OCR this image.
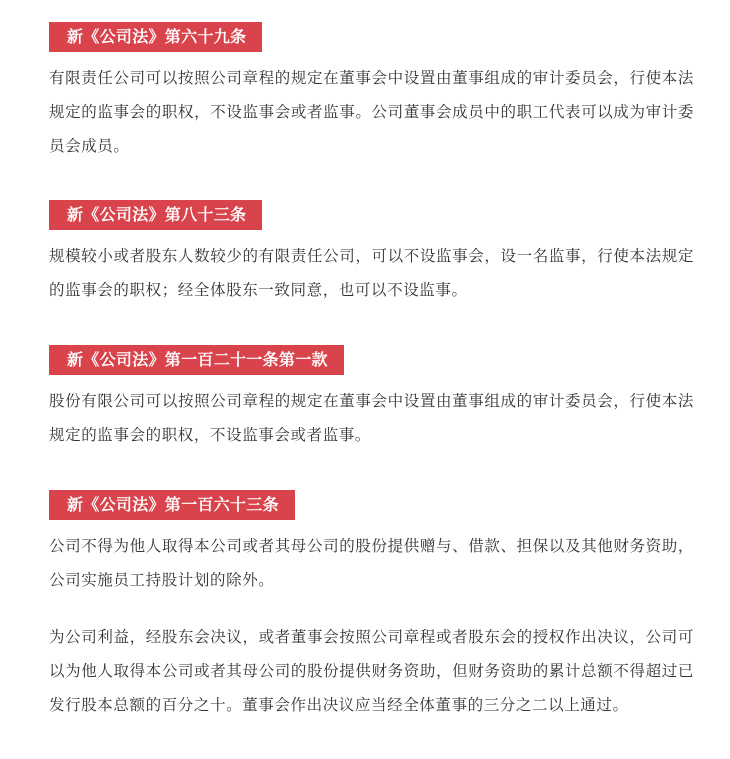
新《公司法》第六十九条
有限责任公司可以按照公司章程的规定在董事会中设置由董事组成的审计委员会，行使本法规定的监事会的职权，不设监事会或者监事。公司董事会成员中的职工代表可以成为审计委员会成员。
新《公司法》第八十三条
规模较小或者股东人数较少的有限责任公司，可以不设监事会，设一名监事，行使本法规定的监事会的职权；经全体股东一致同意，也可以不设监事。
新《公司法》第一百二十一条第一款
股份有限公司可以按照公司章程的规定在董事会中设置由董事组成的审计委员会，行使本法规定的监事会的职权，不设监事会或者监事。
新《公司法》第一百六十三条
公司不得为他人取得本公司或者其母公司的股份提供赠与、借款、担保以及其他财务资助，公司实施员工持股计划的除外。
为公司利益，经股东会决议，或者董事会按照公司章程或者股东会的授权作出决议，公司可以为他人取得本公司或者其母公司的股份提供财务资助，但财务资助的累计总额不得超过已发行股本总额的百分之十。董事会作出决议应当经全体董事的三分之二以上通过。
